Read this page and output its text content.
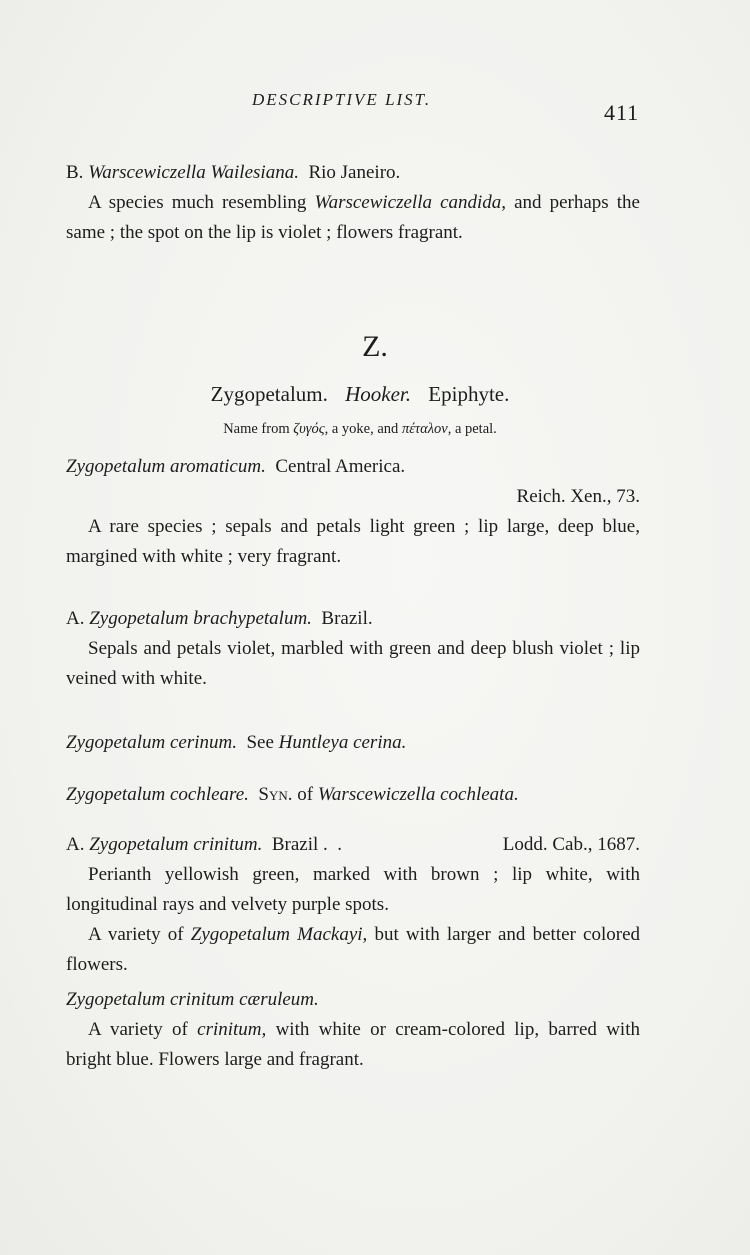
DESCRIPTIVE LIST.
411

B. Warscewiczella Wailesiana. Rio Janeiro.

A species much resembling Warscewiczella candida, and perhaps the same ; the spot on the lip is violet ; flowers fragrant.

Z.
Zygopetalum. Hooker. Epiphyte.
Name from ζυγός, a yoke, and πέταλον, a petal.

Zygopetalum aromaticum. Central America.

Reich. Xen., 73.

A rare species ; sepals and petals light green ; lip large, deep blue, margined with white ; very fragrant.

A. Zygopetalum brachypetalum. Brazil.

Sepals and petals violet, marbled with green and deep blush violet ; lip veined with white.

Zygopetalum cerinum. See Huntleya cerina.

Zygopetalum cochleare. Syn. of Warscewiczella cochleata.

A. Zygopetalum crinitum. Brazil . .	Lodd. Cab., 1687.

Perianth yellowish green, marked with brown ; lip white, with longitudinal rays and velvety purple spots.

A variety of Zygopetalum Mackayi, but with larger and better colored flowers.

Zygopetalum crinitum cæruleum.

A variety of crinitum, with white or cream-colored lip, barred with bright blue. Flowers large and fragrant.
